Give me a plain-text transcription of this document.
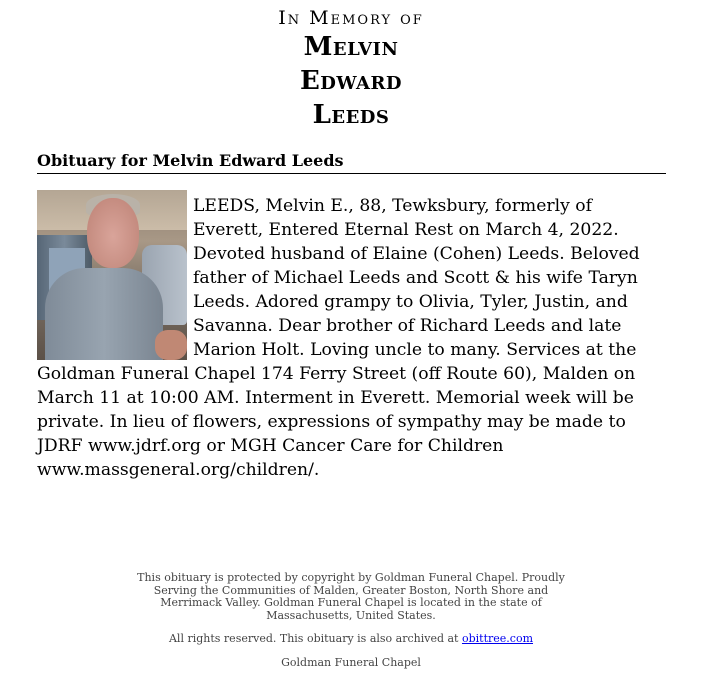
In Memory of
Melvin
Edward
Leeds
Obituary for Melvin Edward Leeds
LEEDS, Melvin E., 88, Tewksbury, formerly of Everett, Entered Eternal Rest on March 4, 2022. Devoted husband of Elaine (Cohen) Leeds. Beloved father of Michael Leeds and Scott & his wife Taryn Leeds. Adored grampy to Olivia, Tyler, Justin, and Savanna. Dear brother of Richard Leeds and late Marion Holt. Loving uncle to many. Services at the Goldman Funeral Chapel 174 Ferry Street (off Route 60), Malden on March 11 at 10:00 AM. Interment in Everett. Memorial week will be private. In lieu of flowers, expressions of sympathy may be made to JDRF www.jdrf.org or MGH Cancer Care for Children www.massgeneral.org/children/.
This obituary is protected by copyright by Goldman Funeral Chapel. Proudly Serving the Communities of Malden, Greater Boston, North Shore and Merrimack Valley. Goldman Funeral Chapel is located in the state of Massachusetts, United States.
All rights reserved. This obituary is also archived at obittree.com
Goldman Funeral Chapel
